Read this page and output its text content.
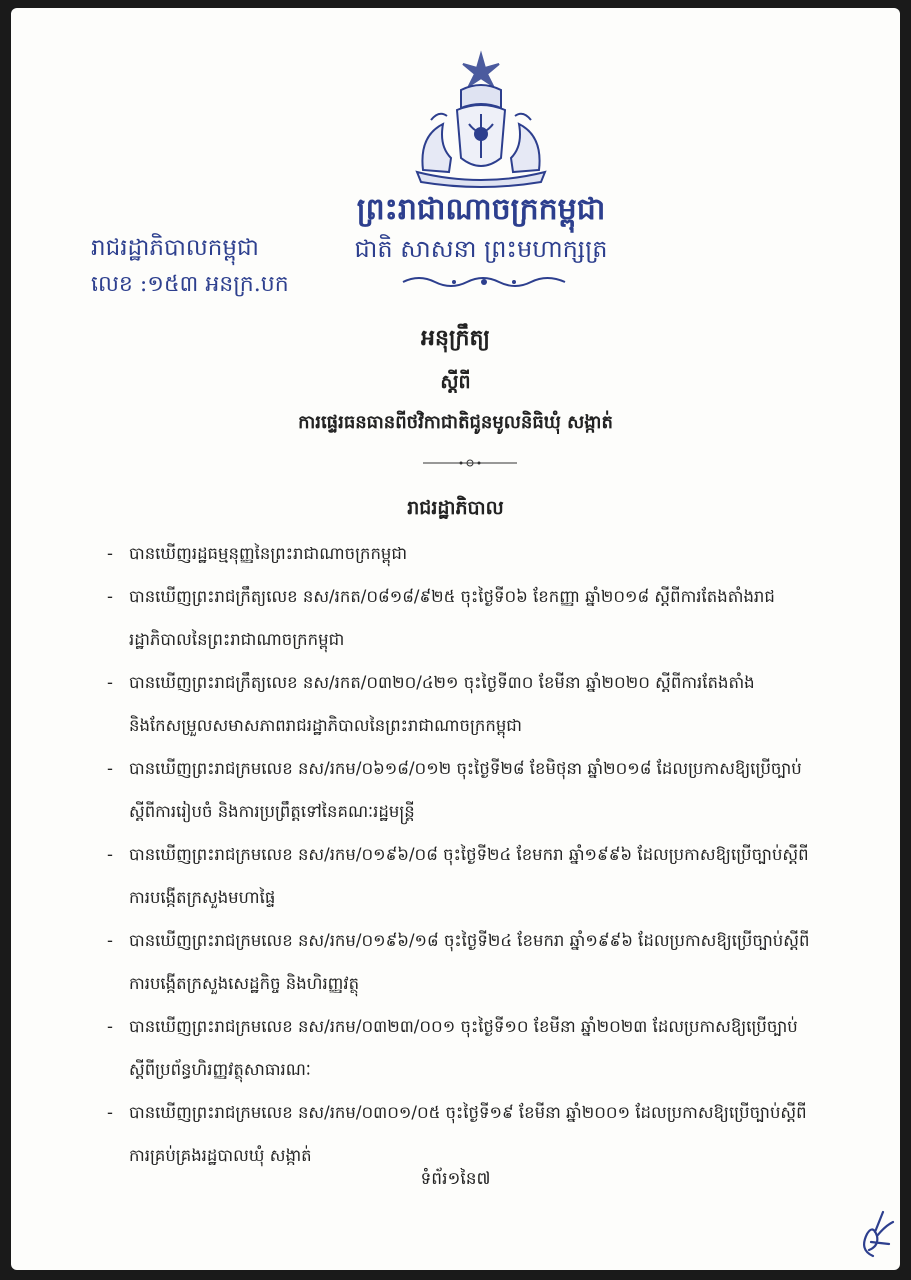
ព្រះរាជាណាចក្រកម្ពុជា
រាជរដ្ឋាភិបាលកម្ពុជា	ជាតិ សាសនា ព្រះមហាក្សត្រ
លេខ :១៥៣ អនក្រ.បក
អនុក្រឹត្យ
ស្តីពី
ការផ្ទេរធនធានពីថវិកាជាតិជូនមូលនិធិឃុំ សង្កាត់
រាជរដ្ឋាភិបាល
- បានឃើញរដ្ឋធម្មនុញ្ញនៃព្រះរាជាណាចក្រកម្ពុជា
- បានឃើញព្រះរាជក្រឹត្យលេខ នស/រកត/០៨១៨/៩២៥ ចុះថ្ងៃទី០៦ ខែកញ្ញា ឆ្នាំ២០១៨ ស្តីពីការតែងតាំងរាជរដ្ឋាភិបាលនៃព្រះរាជាណាចក្រកម្ពុជា
- បានឃើញព្រះរាជក្រឹត្យលេខ នស/រកត/០៣២០/៤២១ ចុះថ្ងៃទី៣០ ខែមីនា ឆ្នាំ២០២០ ស្តីពីការតែងតាំង និងកែសម្រួលសមាសភាពរាជរដ្ឋាភិបាលនៃព្រះរាជាណាចក្រកម្ពុជា
- បានឃើញព្រះរាជក្រមលេខ នស/រកម/០៦១៨/០១២ ចុះថ្ងៃទី២៨ ខែមិថុនា ឆ្នាំ២០១៨ ដែលប្រកាសឱ្យប្រើច្បាប់ស្តីពីការរៀបចំ និងការប្រព្រឹត្តទៅនៃគណៈរដ្ឋមន្ត្រី
- បានឃើញព្រះរាជក្រមលេខ នស/រកម/០១៩៦/០៨ ចុះថ្ងៃទី២៤ ខែមករា ឆ្នាំ១៩៩៦ ដែលប្រកាសឱ្យប្រើច្បាប់ស្តីពីការបង្កើតក្រសួងមហាផ្ទៃ
- បានឃើញព្រះរាជក្រមលេខ នស/រកម/០១៩៦/១៨ ចុះថ្ងៃទី២៤ ខែមករា ឆ្នាំ១៩៩៦ ដែលប្រកាសឱ្យប្រើច្បាប់ស្តីពីការបង្កើតក្រសួងសេដ្ឋកិច្ច និងហិរញ្ញវត្ថុ
- បានឃើញព្រះរាជក្រមលេខ នស/រកម/០៣២៣/០០១ ចុះថ្ងៃទី១០ ខែមីនា ឆ្នាំ២០២៣ ដែលប្រកាសឱ្យប្រើច្បាប់ស្តីពីប្រព័ន្ធហិរញ្ញវត្ថុសាធារណៈ
- បានឃើញព្រះរាជក្រមលេខ នស/រកម/០៣០១/០៥ ចុះថ្ងៃទី១៩ ខែមីនា ឆ្នាំ២០០១ ដែលប្រកាសឱ្យប្រើច្បាប់ស្តីពីការគ្រប់គ្រងរដ្ឋបាលឃុំ សង្កាត់
ទំព័រ១នៃ៧
